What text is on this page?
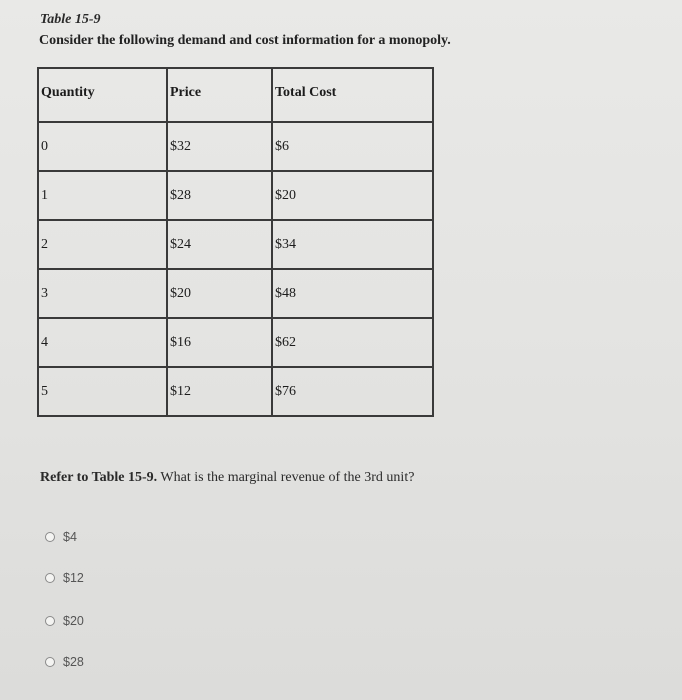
Table 15-9
Consider the following demand and cost information for a monopoly.
Quantity	Price	Total Cost

0	$32	$6

1	$28	$20

2	$24	$34

3	$20	$48

4	$16	$62

5	$12	$76
Refer to Table 15-9. What is the marginal revenue of the 3rd unit?
$4
$12
$20
$28
